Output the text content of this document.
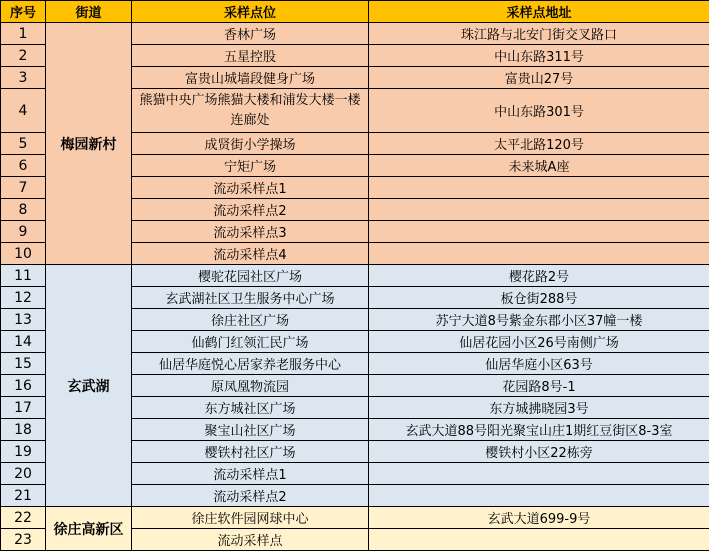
序号	街道	采样点位	采样点地址
1	梅园新村	香林广场	珠江路与北安门街交叉路口
2		五星控股	中山东路311号
3		富贵山城墙段健身广场	富贵山27号
4		熊猫中央广场熊猫大楼和浦发大楼一楼连廊处	中山东路301号
5		成贤街小学操场	太平北路120号
6		宁矩广场	未来城A座
7		流动采样点1	
8		流动采样点2	
9		流动采样点3	
10		流动采样点4	
11	玄武湖	樱驼花园社区广场	樱花路2号
12		玄武湖社区卫生服务中心广场	板仓街288号
13		徐庄社区广场	苏宁大道8号紫金东郡小区37幢一楼
14		仙鹤门红领汇民广场	仙居花园小区26号南侧广场
15		仙居华庭悦心居家养老服务中心	仙居华庭小区63号
16		原凤凰物流园	花园路8号-1
17		东方城社区广场	东方城拂晓园3号
18		聚宝山社区广场	玄武大道88号阳光聚宝山庄1期红豆街区8-3室
19		樱铁村社区广场	樱铁村小区22栋旁
20		流动采样点1	
21		流动采样点2	
22	徐庄高新区	徐庄软件园网球中心	玄武大道699-9号
23		流动采样点	
